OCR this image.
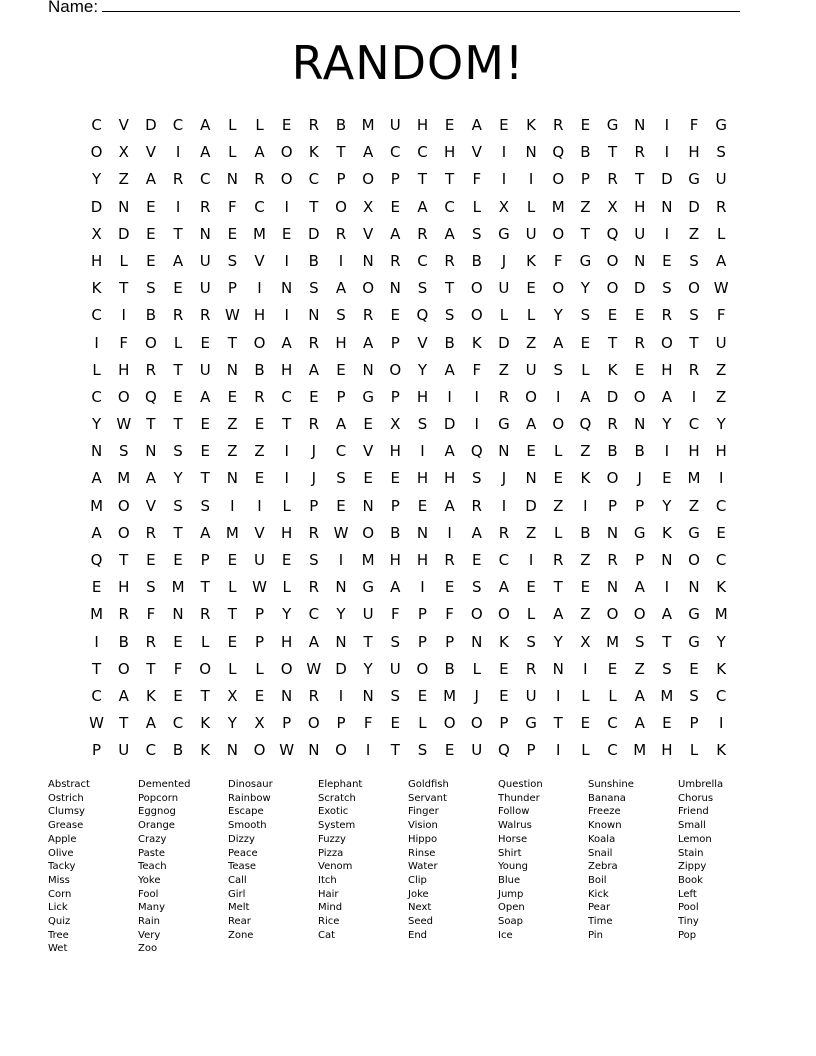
Name:
RANDOM!
C	V	D	C	A	L	L	E	R	B	M	U	H	E	A	E	K	R	E	G	N	I	F	G
O	X	V	I	A	L	A	O	K	T	A	C	C	H	V	I	N	Q	B	T	R	I	H	S
Y	Z	A	R	C	N	R	O	C	P	O	P	T	T	F	I	I	O	P	R	T	D	G	U
D	N	E	I	R	F	C	I	T	O	X	E	A	C	L	X	L	M	Z	X	H	N	D	R
X	D	E	T	N	E	M	E	D	R	V	A	R	A	S	G	U	O	T	Q	U	I	Z	L
H	L	E	A	U	S	V	I	B	I	N	R	C	R	B	J	K	F	G	O	N	E	S	A
K	T	S	E	U	P	I	N	S	A	O	N	S	T	O	U	E	O	Y	O	D	S	O W
C	I	B	R	R W H	I	N	S	R	E	Q	S	O	L	L	Y	S	E	E	R	S	F
I	F	O	L	E	T	O	A	R	H	A	P	V	B	K	D	Z	A	E	T	R	O	T	U
L	H	R	T	U	N	B	H	A	E	N	O	Y	A	F	Z	U	S	L	K	E	H	R	Z
C	O	Q	E	A	E	R	C	E	P	G	P	H	I	I	R	O	I	A	D	O	A	I	Z
Y	W	T	T	E	Z	E	T	R	A	E	X	S	D	I	G	A	O	Q	R	N	Y	C	Y
N	S	N	S	E	Z	Z	I	J	C	V	H	I	A	Q	N	E	L	Z	B	B	I	H	H
A	M	A	Y	T	N	E	I	J	S	E	E	H	H	S	J	N	E	K	O	J	E	M	I
M O	V	S	S	I	I	L	P	E	N	P	E	A	R	I	D	Z	I	P	P	Y	Z	C
A	O	R	T	A	M	V	H	R W O	B	N	I	A	R	Z	L	B	N	G	K	G	E
Q	T	E	E	P	E	U	E	S	I	M	H	H	R	E	C	I	R	Z	R	P	N	O	C
E	H	S	M	T	L	W	L	R	N	G	A	I	E	S	A	E	T	E	N	A	I	N	K
M	R	F	N	R	T	P	Y	C	Y	U	F	P	F	O	O	L	A	Z	O	O	A	G M
I	B	R	E	L	E	P	H	A	N	T	S	P	P	N	K	S	Y	X	M	S	T	G	Y
T	O	T	F	O	L	L	O W D	Y	U	O	B	L	E	R	N	I	E	Z	S	E	K
C	A	K	E	T	X	E	N	R	I	N	S	E	M	J	E	U	I	L	L	A	M	S	C
W	T	A	C	K	Y	X	P	O	P	F	E	L	O	O	P	G	T	E	C	A	E	P	I
P	U	C	B	K	N	O W N	O	I	T	S	E	U	Q	P	I	L	C	M	H	L	K
Abstract
Ostrich
Clumsy
Grease
Apple
Olive
Tacky
Miss
Corn
Lick
Quiz
Tree
Wet
Demented
Popcorn
Eggnog
Orange
Crazy
Paste
Teach
Yoke
Fool
Many
Rain
Very
Zoo
Dinosaur
Rainbow
Escape
Smooth
Dizzy
Peace
Tease
Call
Girl
Melt
Rear
Zone
Elephant
Scratch
Exotic
System
Fuzzy
Pizza
Venom
Itch
Hair
Mind
Rice
Cat
Goldfish
Servant
Finger
Vision
Hippo
Rinse
Water
Clip
Joke
Next
Seed
End
Question
Thunder
Follow
Walrus
Horse
Shirt
Young
Blue
Jump
Open
Soap
Ice
Sunshine
Banana
Freeze
Known
Koala
Snail
Zebra
Boil
Kick
Pear
Time
Pin
Umbrella
Chorus
Friend
Small
Lemon
Stain
Zippy
Book
Left
Pool
Tiny
Pop
